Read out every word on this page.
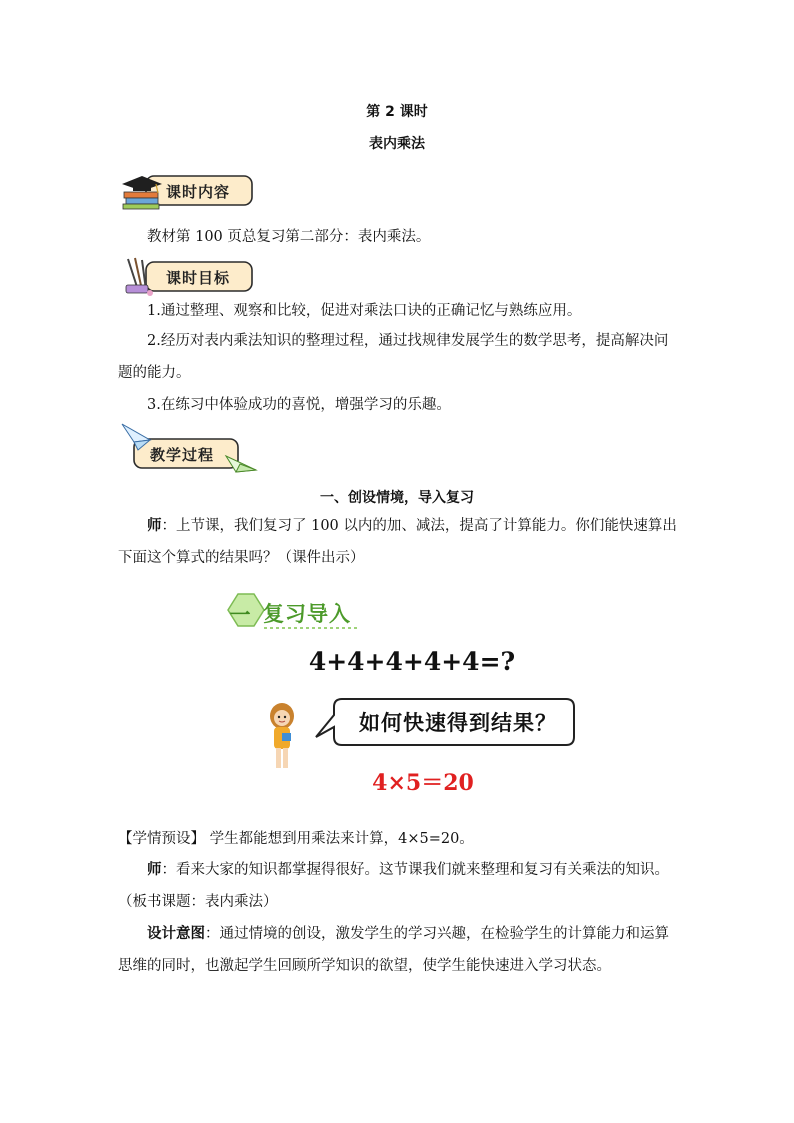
第 2 课时
表内乘法
课时内容

教材第 100 页总复习第二部分：表内乘法。

课时目标

1.通过整理、观察和比较，促进对乘法口诀的正确记忆与熟练应用。

2.经历对表内乘法知识的整理过程，通过找规律发展学生的数学思考，提高解决问题的能力。

3.在练习中体验成功的喜悦，增强学习的乐趣。

教学过程
一、创设情境，导入复习

师：上节课，我们复习了 100 以内的加、减法，提高了计算能力。你们能快速算出下面这个算式的结果吗？（课件出示）

一 复习导入
4+4+4+4+4=?
如何快速得到结果？
4×5＝20

【学情预设】 学生都能想到用乘法来计算，4×5=20。

师：看来大家的知识都掌握得很好。这节课我们就来整理和复习有关乘法的知识。（板书课题：表内乘法）

设计意图：通过情境的创设，激发学生的学习兴趣，在检验学生的计算能力和运算思维的同时，也激起学生回顾所学知识的欲望，使学生能快速进入学习状态。
